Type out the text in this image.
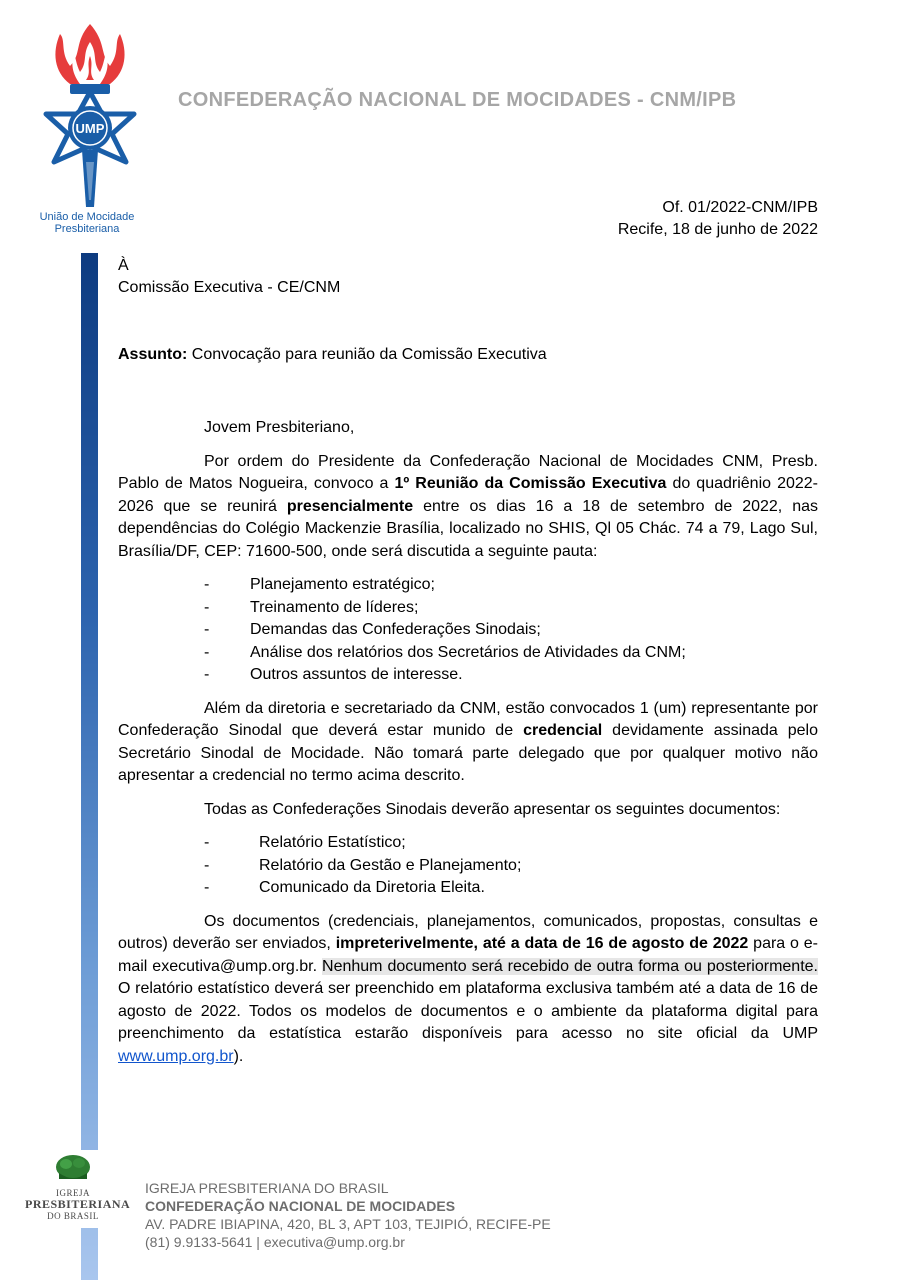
UMP
União de Mocidade
Presbiteriana
CONFEDERAÇÃO NACIONAL DE MOCIDADES - CNM/IPB
Of. 01/2022-CNM/IPB
Recife, 18 de junho de 2022
À
Comissão Executiva - CE/CNM
Assunto: Convocação para reunião da Comissão Executiva

Jovem Presbiteriano,

Por ordem do Presidente da Confederação Nacional de Mocidades CNM, Presb. Pablo de Matos Nogueira, convoco a 1º Reunião da Comissão Executiva do quadriênio 2022-2026 que se reunirá presencialmente entre os dias 16 a 18 de setembro de 2022, nas dependências do Colégio Mackenzie Brasília, localizado no SHIS, Ql 05 Chác. 74 a 79, Lago Sul, Brasília/DF, CEP: 71600-500, onde será discutida a seguinte pauta:

-	Planejamento estratégico;
-	Treinamento de líderes;
-	Demandas das Confederações Sinodais;
-	Análise dos relatórios dos Secretários de Atividades da CNM;
-	Outros assuntos de interesse.

Além da diretoria e secretariado da CNM, estão convocados 1 (um) representante por Confederação Sinodal que deverá estar munido de credencial devidamente assinada pelo Secretário Sinodal de Mocidade. Não tomará parte delegado que por qualquer motivo não apresentar a credencial no termo acima descrito.

Todas as Confederações Sinodais deverão apresentar os seguintes documentos:

-	Relatório Estatístico;
-	Relatório da Gestão e Planejamento;
-	Comunicado da Diretoria Eleita.

Os documentos (credenciais, planejamentos, comunicados, propostas, consultas e outros) deverão ser enviados, impreterivelmente, até a data de 16 de agosto de 2022 para o e-mail executiva@ump.org.br. Nenhum documento será recebido de outra forma ou posteriormente. O relatório estatístico deverá ser preenchido em plataforma exclusiva também até a data de 16 de agosto de 2022. Todos os modelos de documentos e o ambiente da plataforma digital para preenchimento da estatística estarão disponíveis para acesso no site oficial da UMP www.ump.org.br).

IGREJA
PRESBITERIANA
DO BRASIL
IGREJA PRESBITERIANA DO BRASIL
CONFEDERAÇÃO NACIONAL DE MOCIDADES
AV. PADRE IBIAPINA, 420, BL 3, APT 103, TEJIPIÓ, RECIFE-PE
(81) 9.9133-5641 | executiva@ump.org.br
